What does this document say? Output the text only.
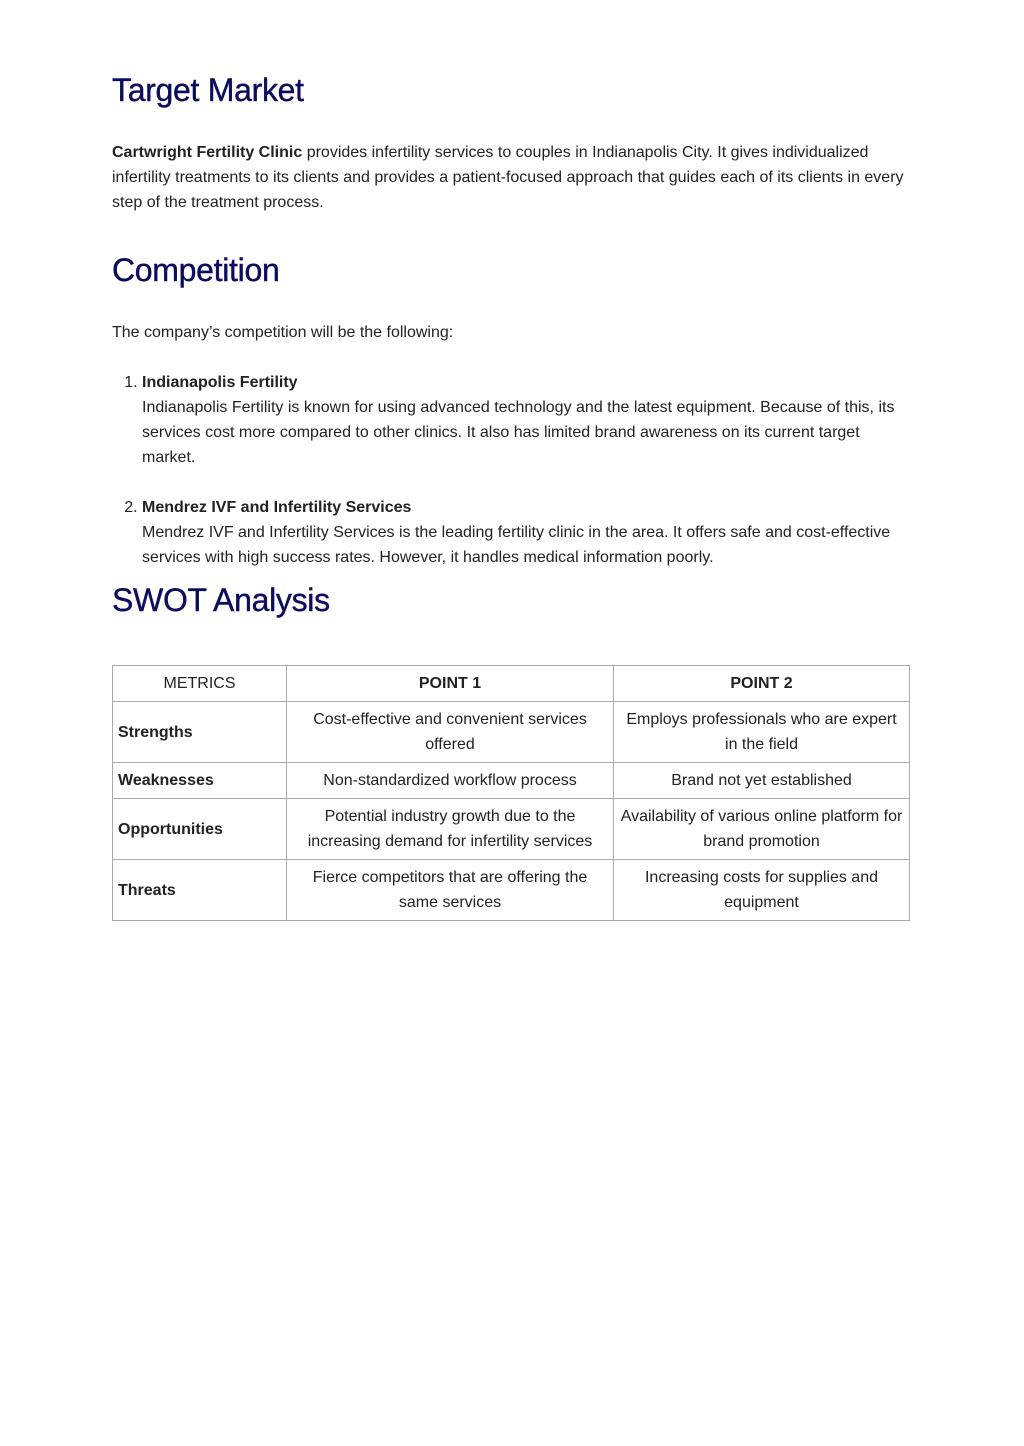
Target Market

Cartwright Fertility Clinic provides infertility services to couples in Indianapolis City. It gives individualized infertility treatments to its clients and provides a patient-focused approach that guides each of its clients in every step of the treatment process.

Competition

The company’s competition will be the following:

1. Indianapolis Fertility
Indianapolis Fertility is known for using advanced technology and the latest equipment. Because of this, its services cost more compared to other clinics. It also has limited brand awareness on its current target market.
2. Mendrez IVF and Infertility Services
Mendrez IVF and Infertility Services is the leading fertility clinic in the area. It offers safe and cost-effective services with high success rates. However, it handles medical information poorly.
SWOT Analysis
METRICS	POINT 1	POINT 2
Strengths	Cost-effective and convenient services offered	Employs professionals who are expert in the field
Weaknesses	Non-standardized workflow process	Brand not yet established
Opportunities	Potential industry growth due to the increasing demand for infertility services	Availability of various online platform for brand promotion
Threats	Fierce competitors that are offering the same services	Increasing costs for supplies and equipment
